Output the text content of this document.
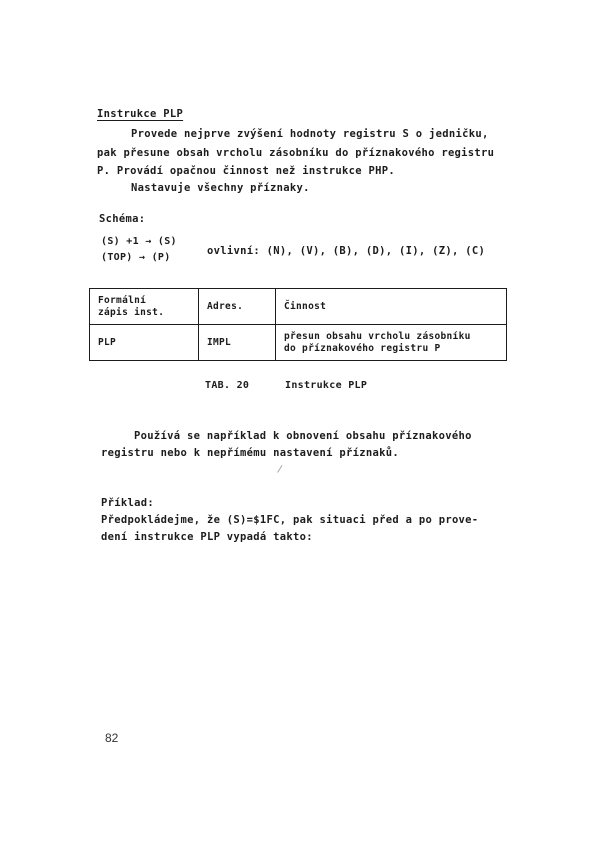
Instrukce PLP
Provede nejprve zvýšení hodnoty registru S o jedničku,
pak přesune obsah vrcholu zásobníku do příznakového registru
P. Provádí opačnou činnost než instrukce PHP.
Nastavuje všechny příznaky.
Schéma:
(S) +1 → (S)
(TOP) → (P)
ovlivní: (N), (V), (B), (D), (I), (Z), (C)
Formální
zápis inst.	Adres.	Činnost
PLP	IMPL	přesun obsahu vrcholu zásobníku
do příznakového registru P
TAB. 20	Instrukce PLP
Používá se například k obnovení obsahu příznakového
registru nebo k nepřímému nastavení příznaků.
Příklad:
Předpokládejme, že (S)=$1FC, pak situaci před a po prove-
dení instrukce PLP vypadá takto:
/
82
